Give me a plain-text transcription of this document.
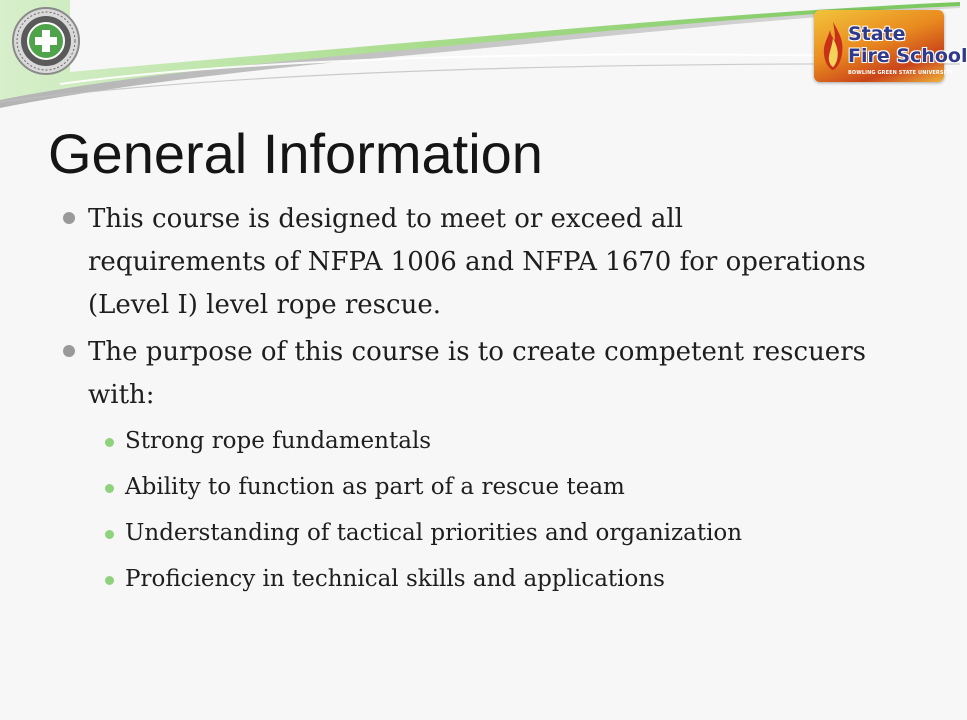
State
Fire School
BOWLING GREEN STATE UNIVERSITY
General Information
This course is designed to meet or exceed all requirements of NFPA 1006 and NFPA 1670 for operations (Level I) level rope rescue.
The purpose of this course is to create competent rescuers with:
Strong rope fundamentals
Ability to function as part of a rescue team
Understanding of tactical priorities and organization
Proficiency in technical skills and applications
